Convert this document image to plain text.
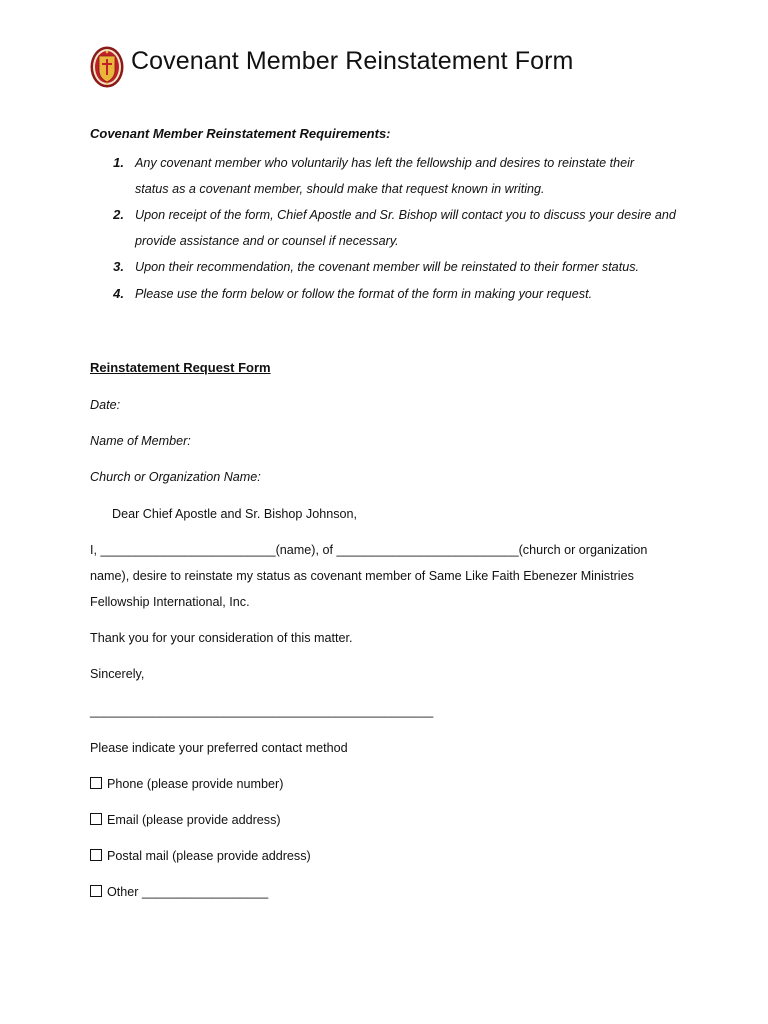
Covenant Member Reinstatement Form
Covenant Member Reinstatement Requirements:
1. Any covenant member who voluntarily has left the fellowship and desires to reinstate their
status as a covenant member, should make that request known in writing.
2. Upon receipt of the form, Chief Apostle and Sr. Bishop will contact you to discuss your desire and
provide assistance and or counsel if necessary.
3. Upon their recommendation, the covenant member will be reinstated to their former status.
4. Please use the form below or follow the format of the form in making your request.
Reinstatement Request Form
Date:
Name of Member:
Church or Organization Name:
Dear Chief Apostle and Sr. Bishop Johnson,
I, _________________________(name), of __________________________(church or organization
name), desire to reinstate my status as covenant member of Same Like Faith Ebenezer Ministries
Fellowship International, Inc.
Thank you for your consideration of this matter.
Sincerely,
_________________________________________________
Please indicate your preferred contact method
Phone (please provide number)
Email (please provide address)
Postal mail (please provide address)
Other __________________
